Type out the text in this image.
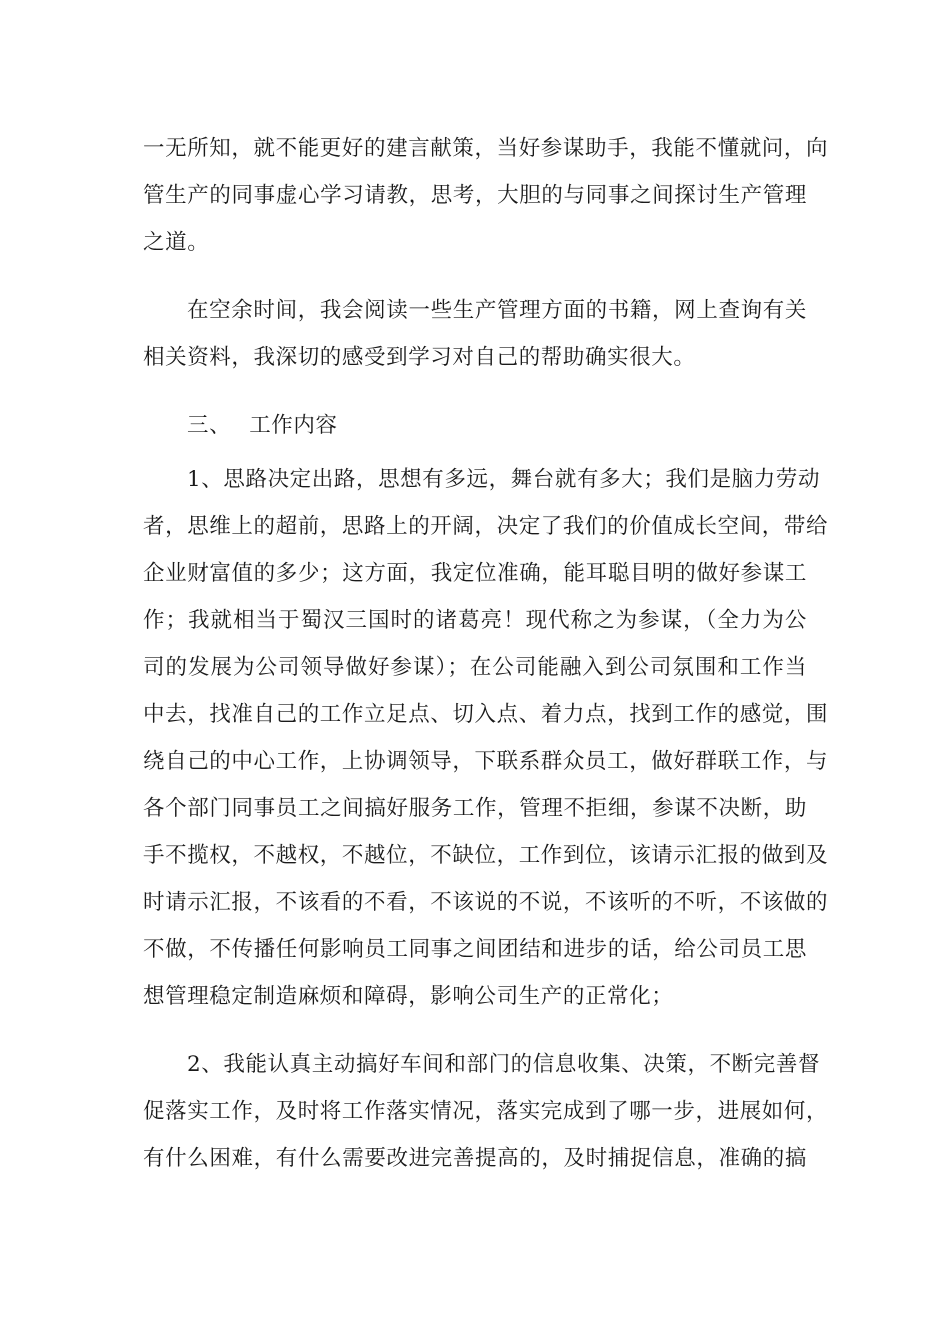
一无所知，就不能更好的建言献策，当好参谋助手，我能不懂就问，向
管生产的同事虚心学习请教，思考，大胆的与同事之间探讨生产管理
之道。
在空余时间，我会阅读一些生产管理方面的书籍，网上查询有关
相关资料，我深切的感受到学习对自己的帮助确实很大。
三、 工作内容
1、思路决定出路，思想有多远，舞台就有多大；我们是脑力劳动
者，思维上的超前，思路上的开阔，决定了我们的价值成长空间，带给
企业财富值的多少；这方面，我定位准确，能耳聪目明的做好参谋工
作；我就相当于蜀汉三国时的诸葛亮！现代称之为参谋，（全力为公
司的发展为公司领导做好参谋）；在公司能融入到公司氛围和工作当
中去，找准自己的工作立足点、切入点、着力点，找到工作的感觉，围
绕自己的中心工作，上协调领导，下联系群众员工，做好群联工作，与
各个部门同事员工之间搞好服务工作，管理不拒细，参谋不决断，助
手不揽权，不越权，不越位，不缺位，工作到位，该请示汇报的做到及
时请示汇报，不该看的不看，不该说的不说，不该听的不听，不该做的
不做，不传播任何影响员工同事之间团结和进步的话，给公司员工思
想管理稳定制造麻烦和障碍，影响公司生产的正常化；
2、我能认真主动搞好车间和部门的信息收集、决策，不断完善督
促落实工作，及时将工作落实情况，落实完成到了哪一步，进展如何，
有什么困难，有什么需要改进完善提高的，及时捕捉信息，准确的搞
